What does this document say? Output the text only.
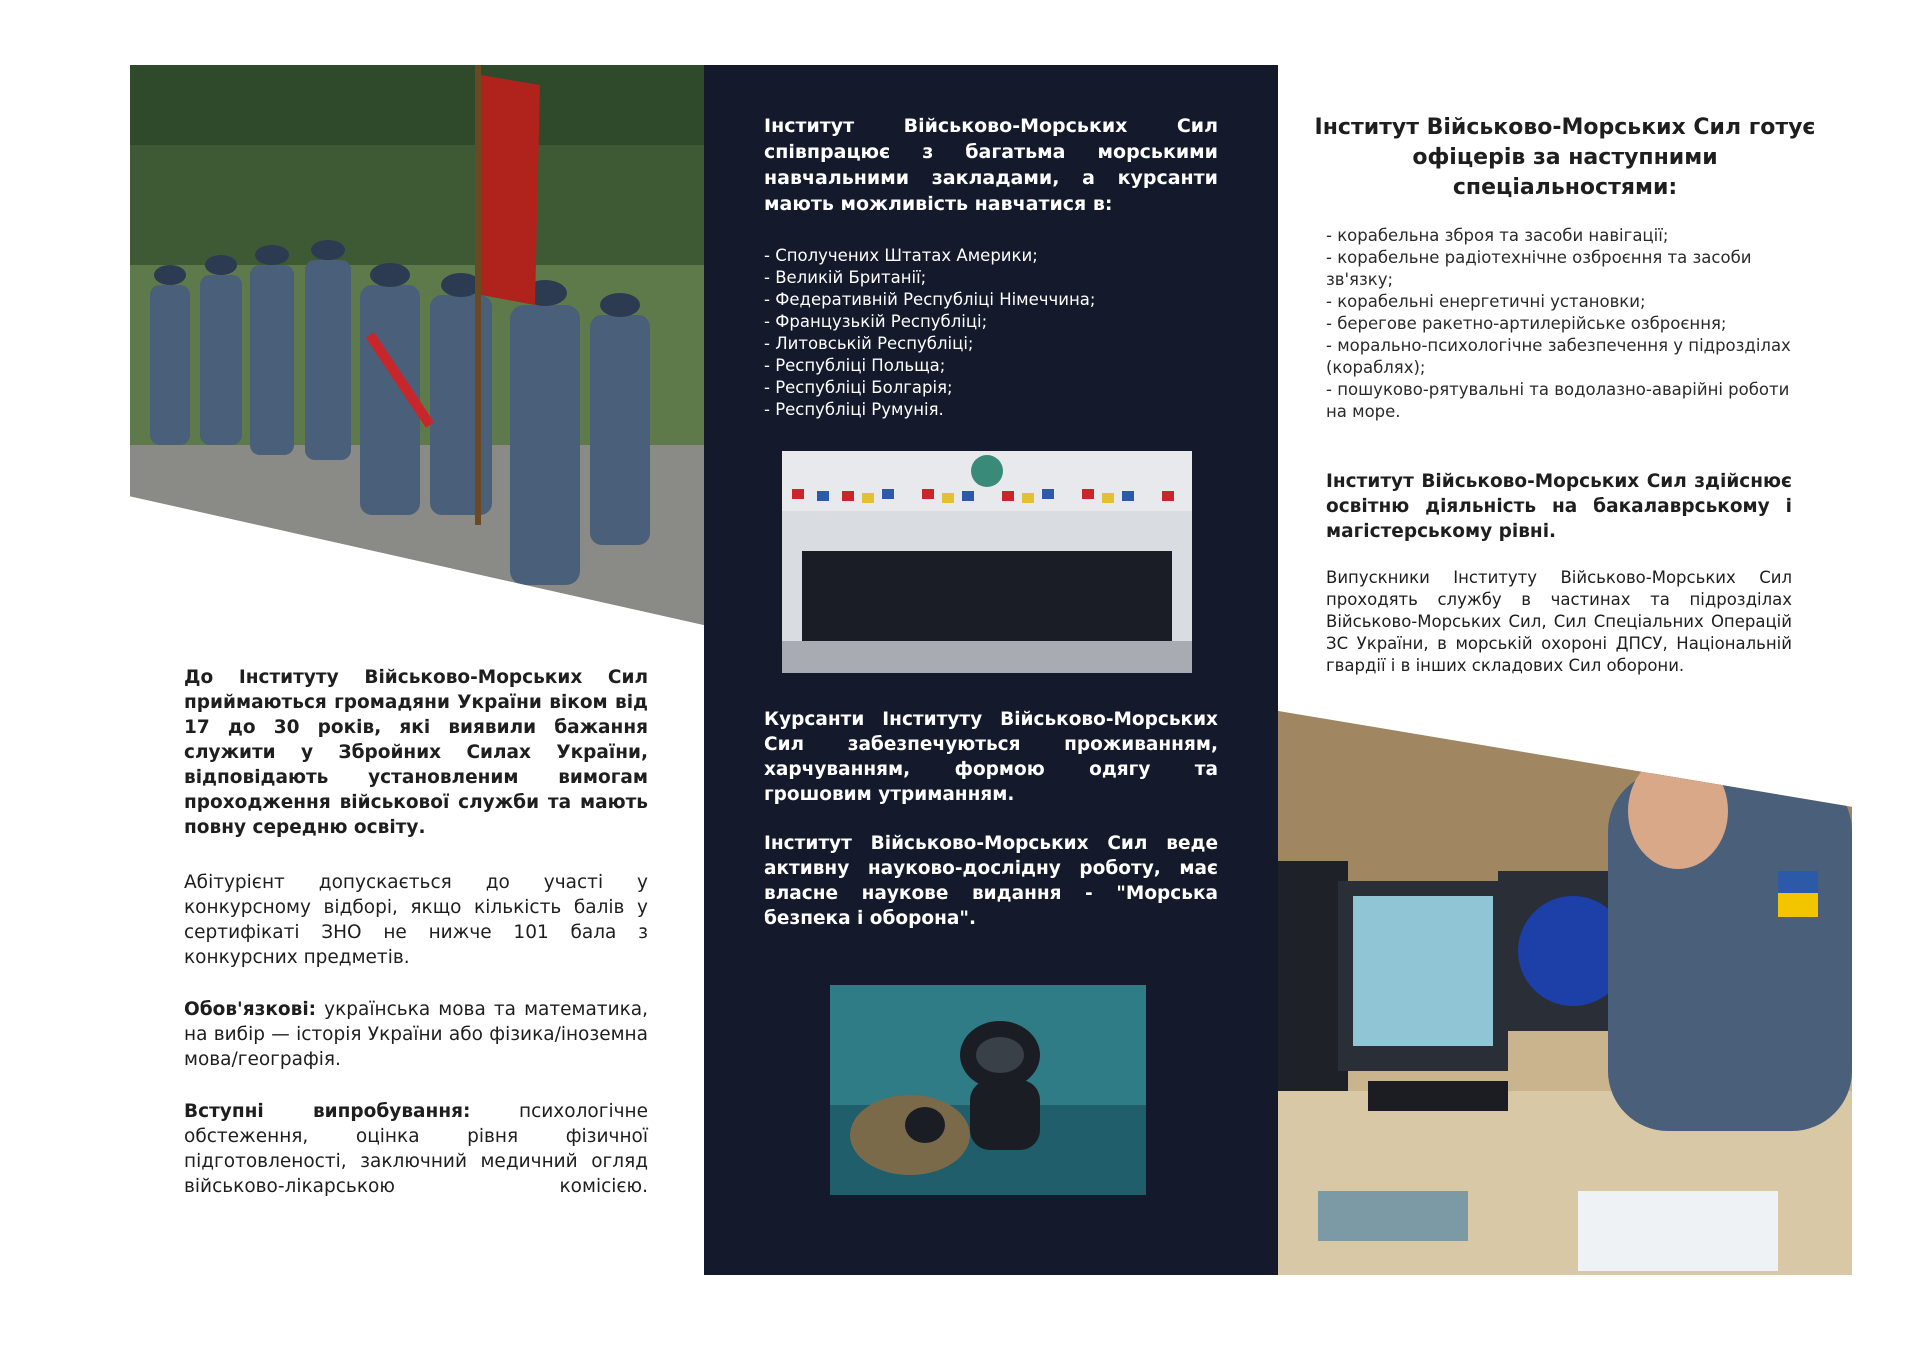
До Інституту Військово-Морських Сил приймаються громадяни України віком від 17 до 30 років, які виявили бажання служити у Збройних Силах України, відповідають установленим вимогам проходження військової служби та мають повну середню освіту.

Абітурієнт допускається до участі у конкурсному відборі, якщо кількість балів у сертифікаті ЗНО не нижче 101 бала з конкурсних предметів.

Обов'язкові: українська мова та математика, на вибір — історія України або фізика/іноземна мова/географія.

Вступні випробування: психологічне обстеження, оцінка рівня фізичної підготовленості, заключний медичний огляд військово-лікарською комісією.

Інститут Військово-Морських Сил співпрацює з багатьма морськими навчальними закладами, а курсанти мають можливість навчатися в:

- Сполучених Штатах Америки;
- Великій Британії;
- Федеративній Республіці Німеччина;
- Французькій Республіці;
- Литовській Республіці;
- Республіці Польща;
- Республіці Болгарія;
- Республіці Румунія.

Курсанти Інституту Військово-Морських Сил забезпечуються проживанням, харчуванням, формою одягу та грошовим утриманням.

Інститут Військово-Морських Сил веде активну науково-дослідну роботу, має власне наукове видання - "Морська безпека і оборона".

Інститут Військово-Морських Сил готує офіцерів за наступними спеціальностями:
- корабельна зброя та засоби навігації;
- корабельне радіотехнічне озброєння та засоби зв'язку;
- корабельні енергетичні установки;
- берегове ракетно-артилерійське озброєння;
- морально-психологічне забезпечення у підрозділах (кораблях);
- пошуково-рятувальні та водолазно-аварійні роботи на море.

Інститут Військово-Морських Сил здійснює освітню діяльність на бакалаврському і магістерському рівні.

Випускники Інституту Військово-Морських Сил проходять службу в частинах та підрозділах Військово-Морських Сил, Сил Спеціальних Операцій ЗС України, в морській охороні ДПСУ, Національній гвардії і в інших складових Сил оборони.
